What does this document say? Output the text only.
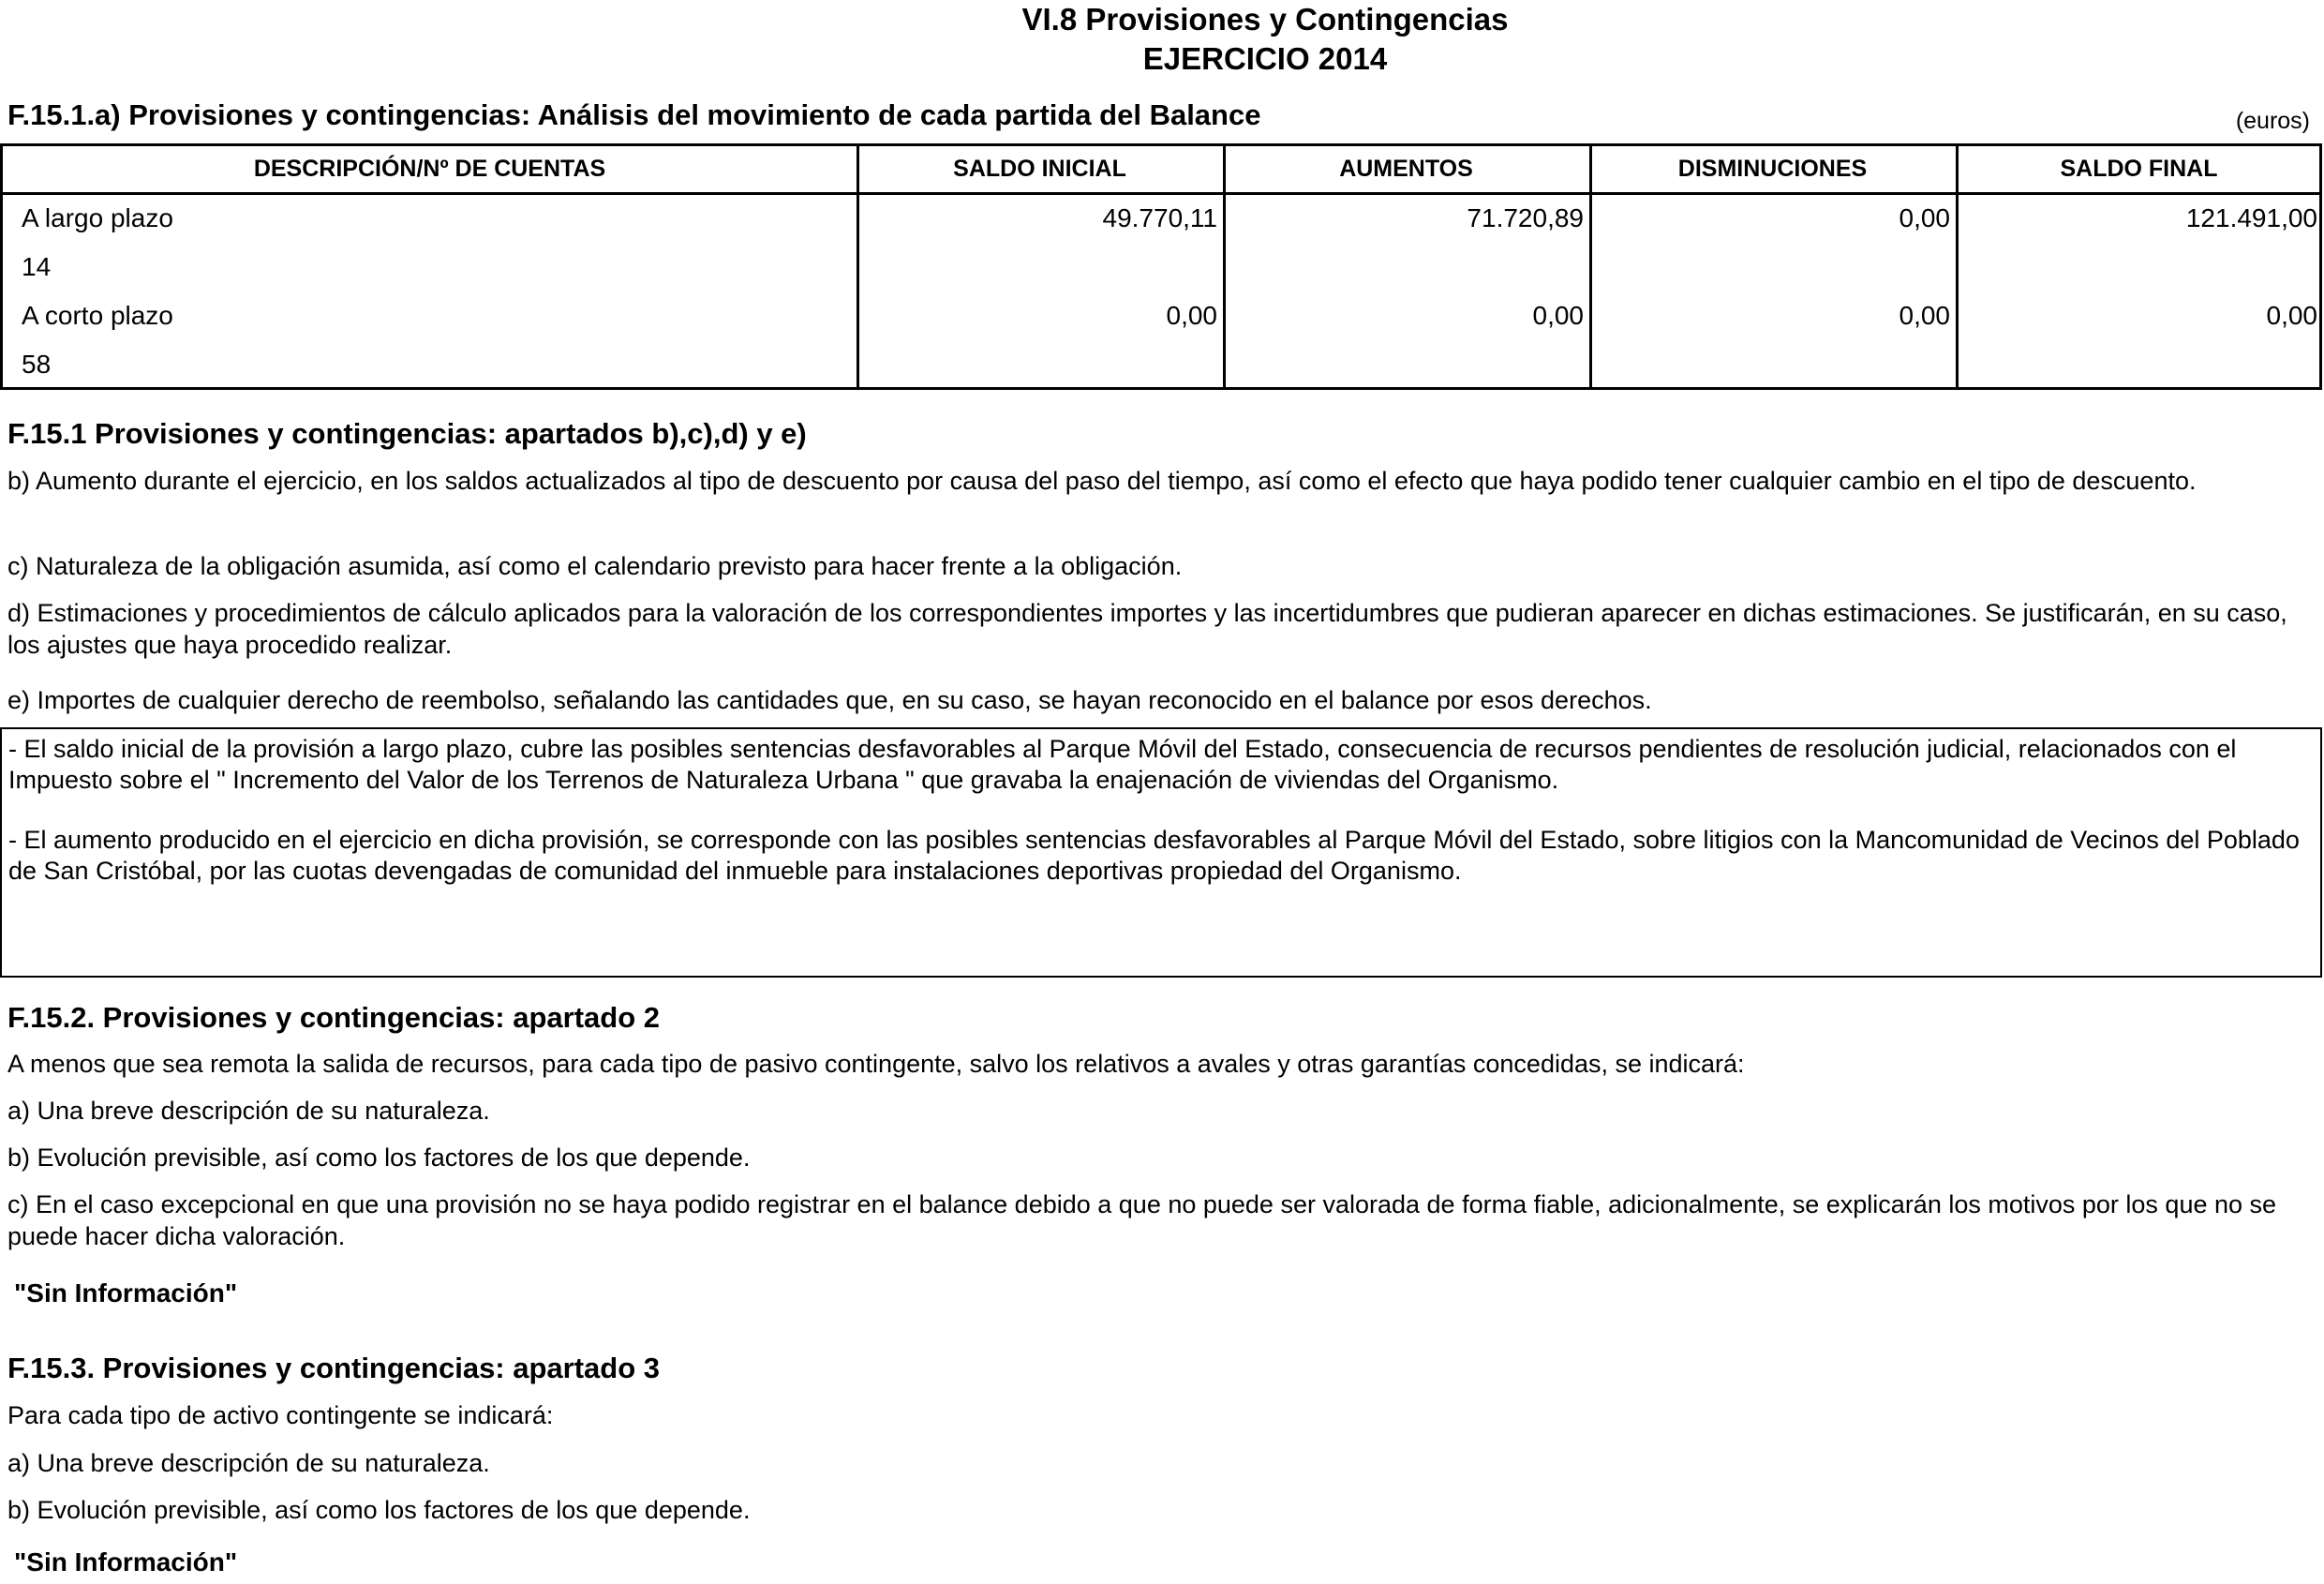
VI.8 Provisiones y Contingencias
EJERCICIO 2014
F.15.1.a) Provisiones y contingencias: Análisis del movimiento de cada partida del Balance	(euros)
DESCRIPCIÓN/Nº DE CUENTAS	SALDO INICIAL	AUMENTOS	DISMINUCIONES	SALDO FINAL
A largo plazo	49.770,11	71.720,89	0,00	121.491,00
14
A corto plazo	0,00	0,00	0,00	0,00
58
F.15.1 Provisiones y contingencias: apartados b),c),d) y e)
b) Aumento durante el ejercicio, en los saldos actualizados al tipo de descuento por causa del paso del tiempo, así como el efecto que haya podido tener cualquier cambio en el tipo de descuento.
c) Naturaleza de la obligación asumida, así como el calendario previsto para hacer frente a la obligación.
d) Estimaciones y procedimientos de cálculo aplicados para la valoración de los correspondientes importes y las incertidumbres que pudieran aparecer en dichas estimaciones. Se justificarán, en su caso, los ajustes que haya procedido realizar.
e) Importes de cualquier derecho de reembolso, señalando las cantidades que, en su caso, se hayan reconocido en el balance por esos derechos.

- El saldo inicial de la provisión a largo plazo, cubre las posibles sentencias desfavorables al Parque Móvil del Estado, consecuencia de recursos pendientes de resolución judicial, relacionados con el Impuesto sobre el " Incremento del Valor de los Terrenos de Naturaleza Urbana " que gravaba la enajenación de viviendas del Organismo.

- El aumento producido en el ejercicio en dicha provisión, se corresponde con las posibles sentencias desfavorables al Parque Móvil del Estado, sobre litigios con la Mancomunidad de Vecinos del Poblado de San Cristóbal, por las cuotas devengadas de comunidad del inmueble para instalaciones deportivas propiedad del Organismo.

F.15.2. Provisiones y contingencias: apartado 2
A menos que sea remota la salida de recursos, para cada tipo de pasivo contingente, salvo los relativos a avales y otras garantías concedidas, se indicará:
a) Una breve descripción de su naturaleza.
b) Evolución previsible, así como los factores de los que depende.
c) En el caso excepcional en que una provisión no se haya podido registrar en el balance debido a que no puede ser valorada de forma fiable, adicionalmente, se explicarán los motivos por los que no se puede hacer dicha valoración.
"Sin Información"
F.15.3. Provisiones y contingencias: apartado 3
Para cada tipo de activo contingente se indicará:
a) Una breve descripción de su naturaleza.
b) Evolución previsible, así como los factores de los que depende.
"Sin Información"
